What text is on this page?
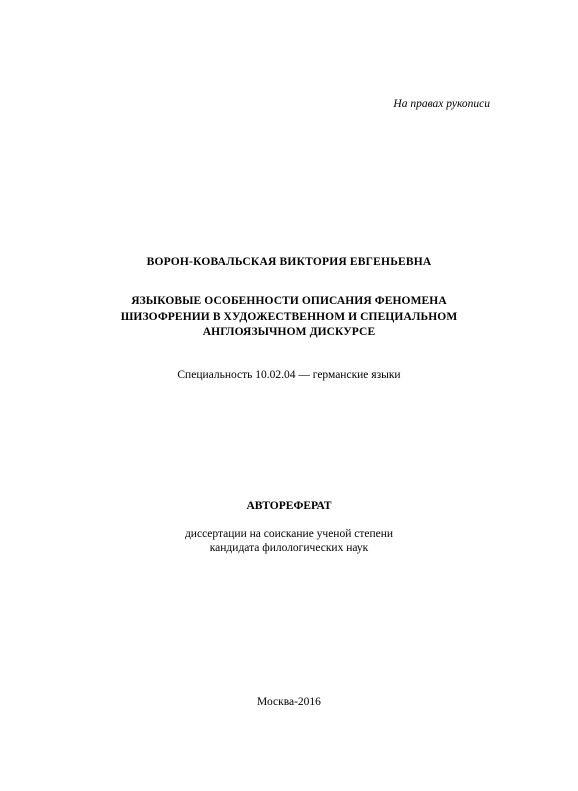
На правах рукописи
ВОРОН-КОВАЛЬСКАЯ ВИКТОРИЯ ЕВГЕНЬЕВНА
ЯЗЫКОВЫЕ ОСОБЕННОСТИ ОПИСАНИЯ ФЕНОМЕНА
ШИЗОФРЕНИИ В ХУДОЖЕСТВЕННОМ И СПЕЦИАЛЬНОМ
АНГЛОЯЗЫЧНОМ ДИСКУРСЕ
Специальность 10.02.04 — германские языки
АВТОРЕФЕРАТ
диссертации на соискание ученой степени
кандидата филологических наук
Москва-2016
